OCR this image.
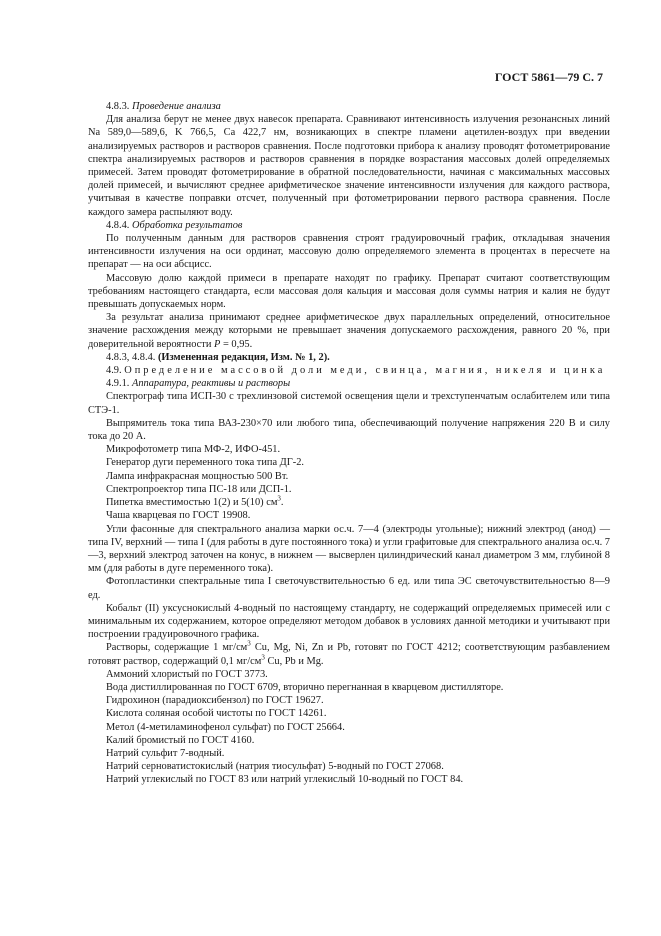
ГОСТ 5861—79 С. 7

4.8.3. Проведение анализа

Для анализа берут не менее двух навесок препарата. Сравнивают интенсивность излучения резонансных линий Na 589,0—589,6, K 766,5, Ca 422,7 нм, возникающих в спектре пламени ацетилен-воздух при введении анализируемых растворов и растворов сравнения. После подготовки прибора к анализу проводят фотометрирование спектра анализируемых растворов и растворов сравнения в порядке возрастания массовых долей определяемых примесей. Затем проводят фотометрирование в обратной последовательности, начиная с максимальных массовых долей примесей, и вычисляют среднее арифметическое значение интенсивности излучения для каждого раствора, учитывая в качестве поправки отсчет, полученный при фотометрировании первого раствора сравнения. После каждого замера распыляют воду.

4.8.4. Обработка результатов

По полученным данным для растворов сравнения строят градуировочный график, откладывая значения интенсивности излучения на оси ординат, массовую долю определяемого элемента в процентах в пересчете на препарат — на оси абсцисс.

Массовую долю каждой примеси в препарате находят по графику. Препарат считают соответствующим требованиям настоящего стандарта, если массовая доля кальция и массовая доля суммы натрия и калия не будут превышать допускаемых норм.

За результат анализа принимают среднее арифметическое двух параллельных определений, относительное значение расхождения между которыми не превышает значения допускаемого расхождения, равного 20 %, при доверительной вероятности P = 0,95.

4.8.3, 4.8.4. (Измененная редакция, Изм. № 1, 2).

4.9. Определение массовой доли меди, свинца, магния, никеля и цинка

4.9.1. Аппаратура, реактивы и растворы

Спектрограф типа ИСП-30 с трехлинзовой системой освещения щели и трехступенчатым ослабителем или типа СТЭ-1.

Выпрямитель тока типа ВАЗ-230×70 или любого типа, обеспечивающий получение напряжения 220 В и силу тока до 20 А.

Микрофотометр типа МФ-2, ИФО-451.

Генератор дуги переменного тока типа ДГ-2.

Лампа инфракрасная мощностью 500 Вт.

Спектропроектор типа ПС-18 или ДСП-1.

Пипетка вместимостью 1(2) и 5(10) $см^3$.

Чаша кварцевая по ГОСТ 19908.

Угли фасонные для спектрального анализа марки ос.ч. 7—4 (электроды угольные); нижний электрод (анод) — типа IV, верхний — типа I (для работы в дуге постоянного тока) и угли графитовые для спектрального анализа ос.ч. 7—3, верхний электрод заточен на конус, в нижнем — высверлен цилиндрический канал диаметром 3 мм, глубиной 8 мм (для работы в дуге переменного тока).

Фотопластинки спектральные типа I светочувствительностью 6 ед. или типа ЭС светочувствительностью 8—9 ед.

Кобальт (II) уксуснокислый 4-водный по настоящему стандарту, не содержащий определяемых примесей или с минимальным их содержанием, которое определяют методом добавок в условиях данной методики и учитывают при построении градуировочного графика.

Растворы, содержащие 1 $мг/см^3$ Cu, Mg, Ni, Zn и Pb, готовят по ГОСТ 4212; соответствующим разбавлением готовят раствор, содержащий 0,1 $мг/см^3$ Cu, Pb и Mg.

Аммоний хлористый по ГОСТ 3773.

Вода дистиллированная по ГОСТ 6709, вторично перегнанная в кварцевом дистилляторе.

Гидрохинон (парадиоксибензол) по ГОСТ 19627.

Кислота соляная особой чистоты по ГОСТ 14261.

Метол (4-метиламинофенол сульфат) по ГОСТ 25664.

Калий бромистый по ГОСТ 4160.

Натрий сульфит 7-водный.

Натрий серноватистокислый (натрия тиосульфат) 5-водный по ГОСТ 27068.

Натрий углекислый по ГОСТ 83 или натрий углекислый 10-водный по ГОСТ 84.
